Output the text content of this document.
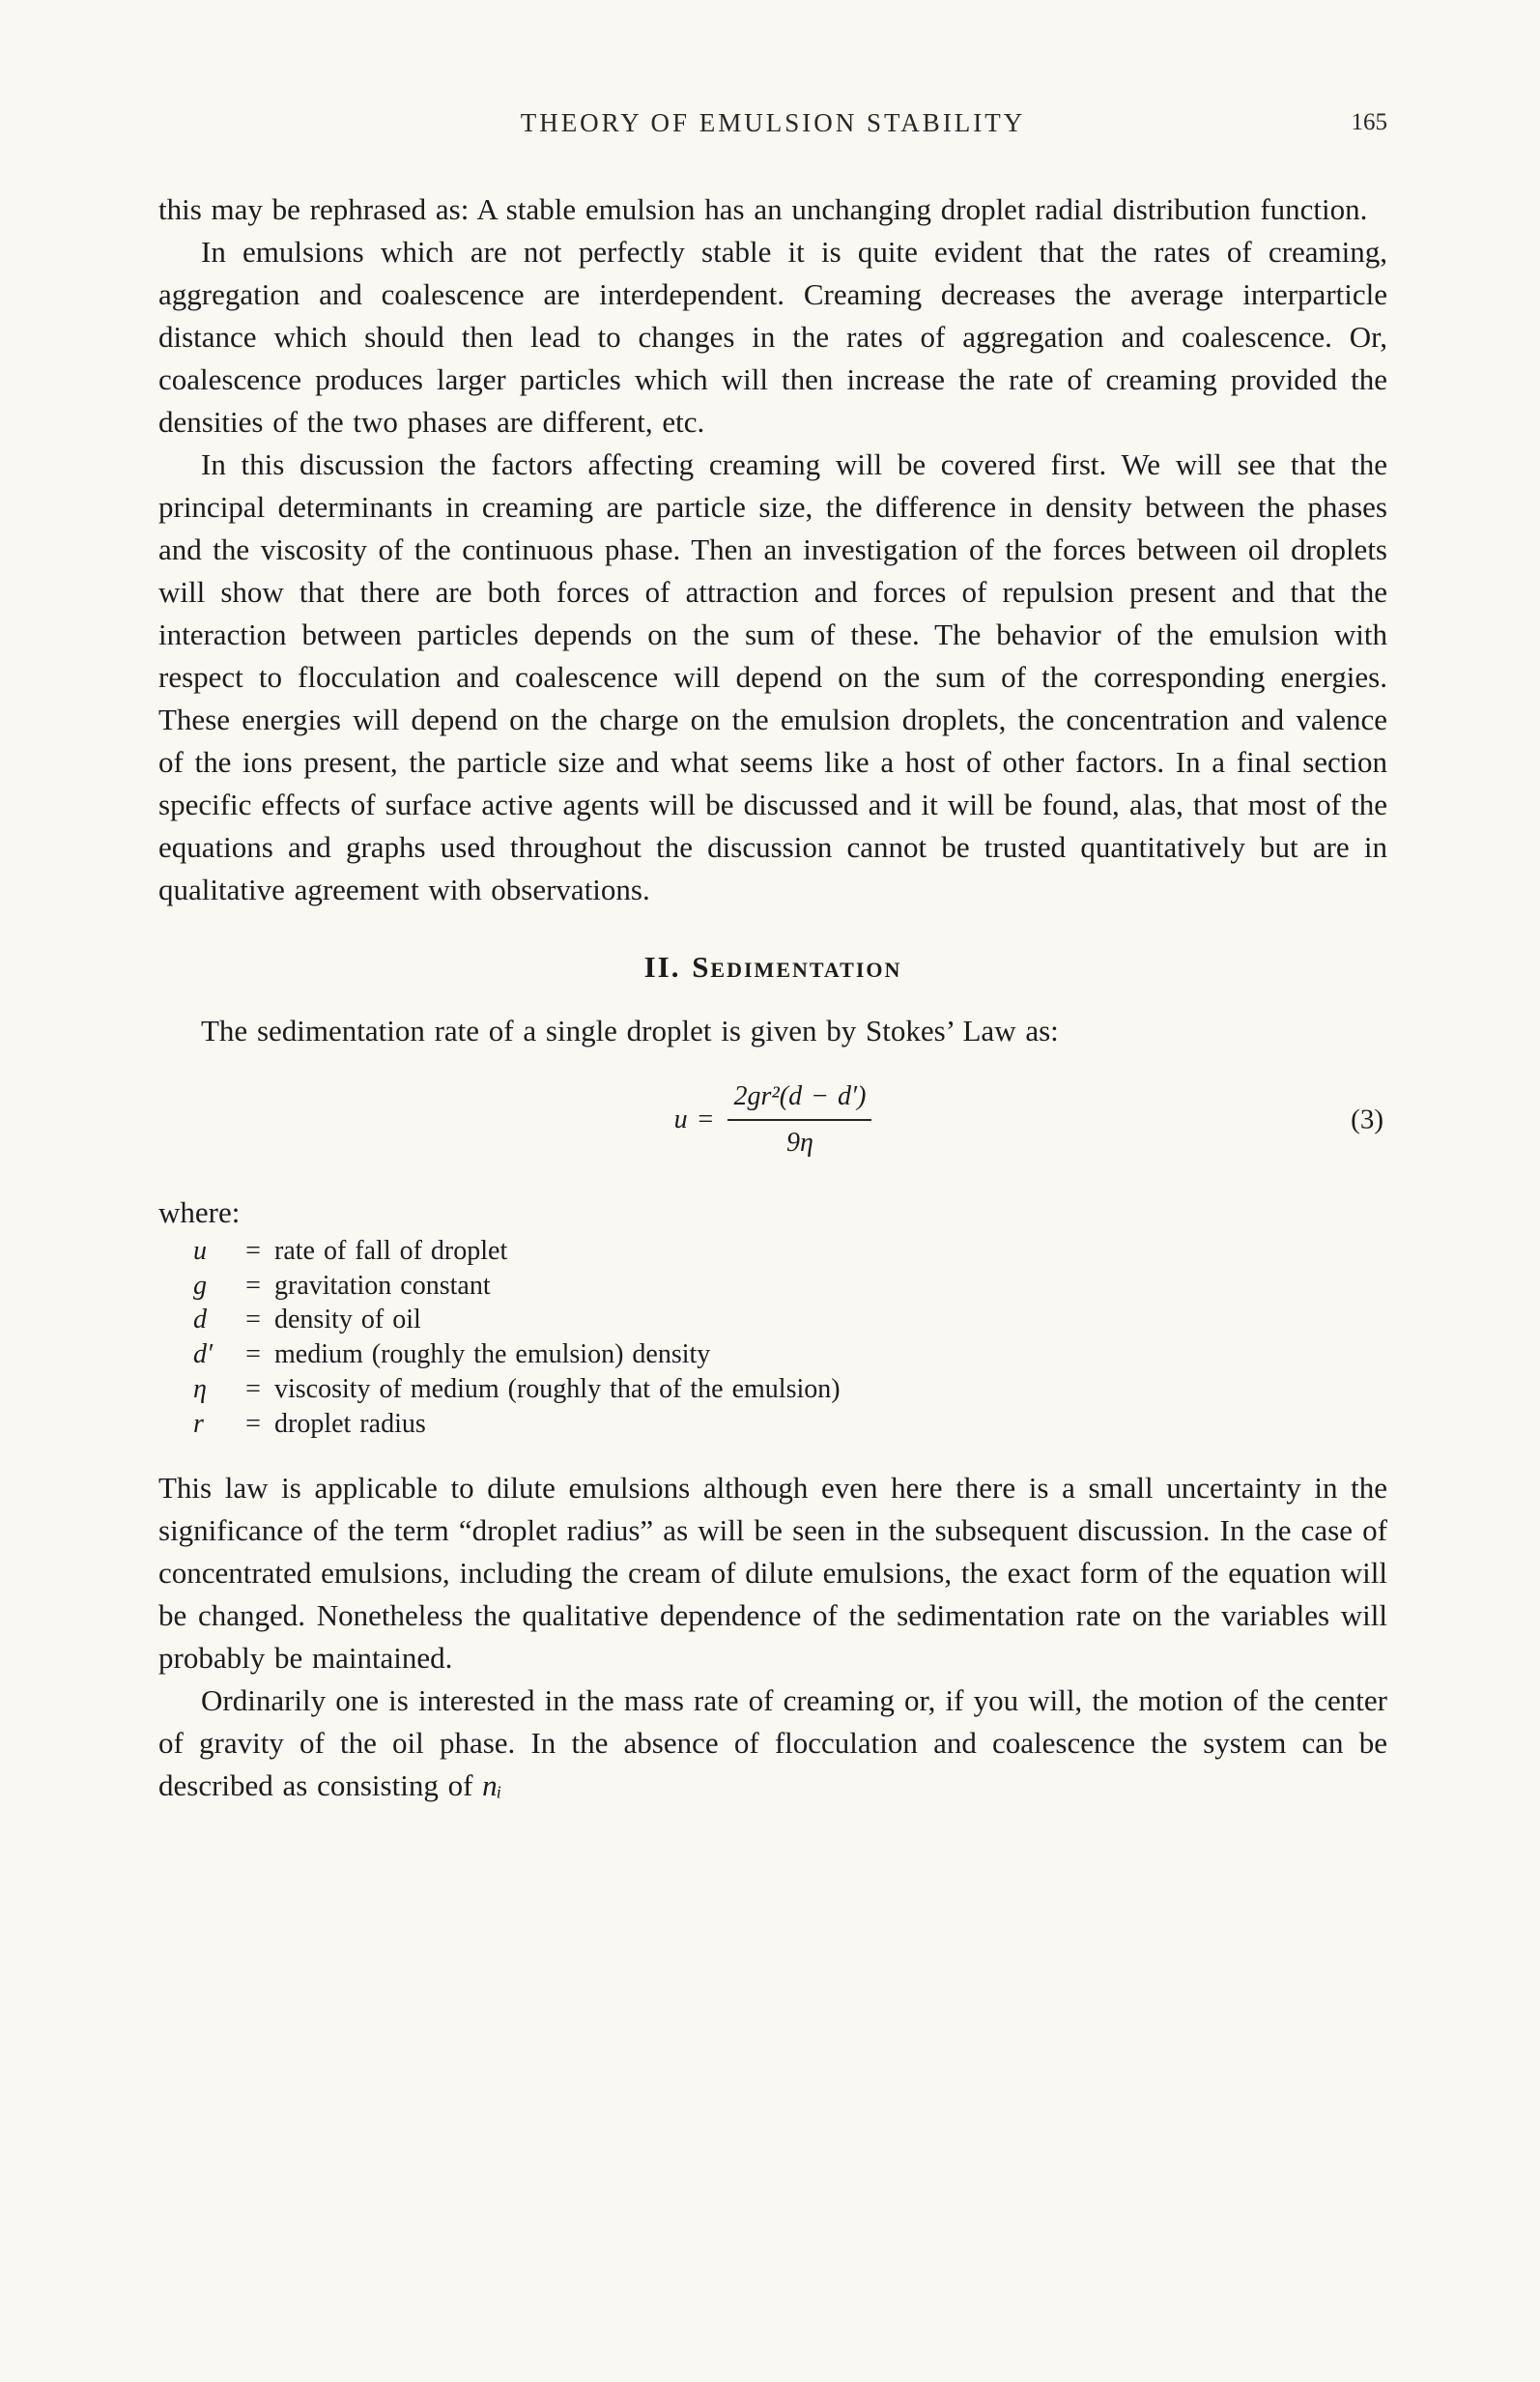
THEORY OF EMULSION STABILITY	165

this may be rephrased as: A stable emulsion has an unchanging droplet radial distribution function.

In emulsions which are not perfectly stable it is quite evident that the rates of creaming, aggregation and coalescence are interdependent. Creaming decreases the average interparticle distance which should then lead to changes in the rates of aggregation and coalescence. Or, coalescence produces larger particles which will then increase the rate of creaming provided the densities of the two phases are different, etc.

In this discussion the factors affecting creaming will be covered first. We will see that the principal determinants in creaming are particle size, the difference in density between the phases and the viscosity of the continuous phase. Then an investigation of the forces between oil droplets will show that there are both forces of attraction and forces of repulsion present and that the interaction between particles depends on the sum of these. The behavior of the emulsion with respect to flocculation and coalescence will depend on the sum of the corresponding energies. These energies will depend on the charge on the emulsion droplets, the concentration and valence of the ions present, the particle size and what seems like a host of other factors. In a final section specific effects of surface active agents will be discussed and it will be found, alas, that most of the equations and graphs used throughout the discussion cannot be trusted quantitatively but are in qualitative agreement with observations.

II. Sedimentation

The sedimentation rate of a single droplet is given by Stokes’ Law as:

$u = \frac{\text{2gr²(d − d′)}}{9\eta}$	(3)

where:

u	= rate of fall of droplet
g	= gravitation constant
d	= density of oil
d′	= medium (roughly the emulsion) density
η	= viscosity of medium (roughly that of the emulsion)
r	= droplet radius

This law is applicable to dilute emulsions although even here there is a small uncertainty in the significance of the term “droplet radius” as will be seen in the subsequent discussion. In the case of concentrated emulsions, including the cream of dilute emulsions, the exact form of the equation will be changed. Nonetheless the qualitative dependence of the sedimentation rate on the variables will probably be maintained.

Ordinarily one is interested in the mass rate of creaming or, if you will, the motion of the center of gravity of the oil phase. In the absence of flocculation and coalescence the system can be described as consisting of nᵢ
